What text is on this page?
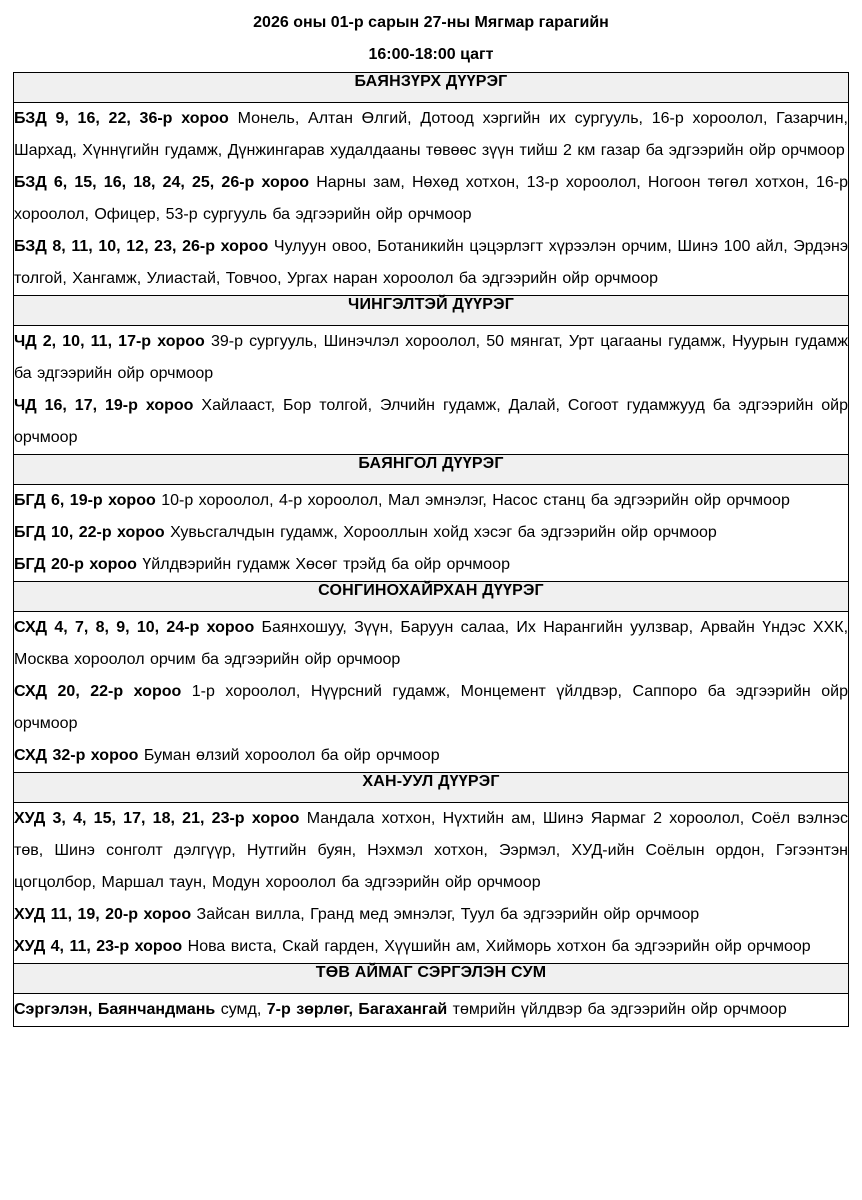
2026 оны 01-р сарын 27-ны Мягмар гарагийн
16:00-18:00 цагт
БАЯНЗҮРХ ДҮҮРЭГ

БЗД 9, 16, 22, 36-р хороо Монель, Алтан Өлгий, Дотоод хэргийн их сургууль, 16-р хороолол, Газарчин, Шархад, Хүннүгийн гудамж, Дүнжингарав худалдааны төвөөс зүүн тийш 2 км газар ба эдгээрийн ойр орчмоор

БЗД 6, 15, 16, 18, 24, 25, 26-р хороо Нарны зам, Нөхөд хотхон, 13-р хороолол, Ногоон төгөл хотхон, 16-р хороолол, Офицер, 53-р сургууль ба эдгээрийн ойр орчмоор

БЗД 8, 11, 10, 12, 23, 26-р хороо Чулуун овоо, Ботаникийн цэцэрлэгт хүрээлэн орчим, Шинэ 100 айл, Эрдэнэ толгой, Хангамж, Улиастай, Товчоо, Ургах наран хороолол ба эдгээрийн ойр орчмоор

ЧИНГЭЛТЭЙ ДҮҮРЭГ

ЧД 2, 10, 11, 17-р хороо 39-р сургууль, Шинэчлэл хороолол, 50 мянгат, Урт цагааны гудамж, Нуурын гудамж ба эдгээрийн ойр орчмоор

ЧД 16, 17, 19-р хороо Хайлааст, Бор толгой, Элчийн гудамж, Далай, Согоот гудамжууд ба эдгээрийн ойр орчмоор

БАЯНГОЛ ДҮҮРЭГ

БГД 6, 19-р хороо 10-р хороолол, 4-р хороолол, Мал эмнэлэг, Насос станц ба эдгээрийн ойр орчмоор

БГД 10, 22-р хороо Хувьсгалчдын гудамж, Хорооллын хойд хэсэг ба эдгээрийн ойр орчмоор

БГД 20-р хороо Үйлдвэрийн гудамж Хөсөг трэйд ба ойр орчмоор

СОНГИНОХАЙРХАН ДҮҮРЭГ

СХД 4, 7, 8, 9, 10, 24-р хороо Баянхошуу, Зүүн, Баруун салаа, Их Нарангийн уулзвар, Арвайн Үндэс ХХК, Москва хороолол орчим ба эдгээрийн ойр орчмоор

СХД 20, 22-р хороо 1-р хороолол, Нүүрсний гудамж, Монцемент үйлдвэр, Саппоро ба эдгээрийн ойр орчмоор

СХД 32-р хороо Буман өлзий хороолол ба ойр орчмоор

ХАН-УУЛ ДҮҮРЭГ

ХУД 3, 4, 15, 17, 18, 21, 23-р хороо Мандала хотхон, Нүхтийн ам, Шинэ Яармаг 2 хороолол, Соёл вэлнэс төв, Шинэ сонголт дэлгүүр, Нутгийн буян, Нэхмэл хотхон, Ээрмэл, ХУД-ийн Соёлын ордон, Гэгээнтэн цогцолбор, Маршал таун, Модун хороолол ба эдгээрийн ойр орчмоор

ХУД 11, 19, 20-р хороо Зайсан вилла, Гранд мед эмнэлэг, Туул ба эдгээрийн ойр орчмоор

ХУД 4, 11, 23-р хороо Нова виста, Скай гарден, Хүүшийн ам, Хийморь хотхон ба эдгээрийн ойр орчмоор

ТӨВ АЙМАГ СЭРГЭЛЭН СУМ

Сэргэлэн, Баянчандмань сумд, 7-р зөрлөг, Багахангай төмрийн үйлдвэр ба эдгээрийн ойр орчмоор
